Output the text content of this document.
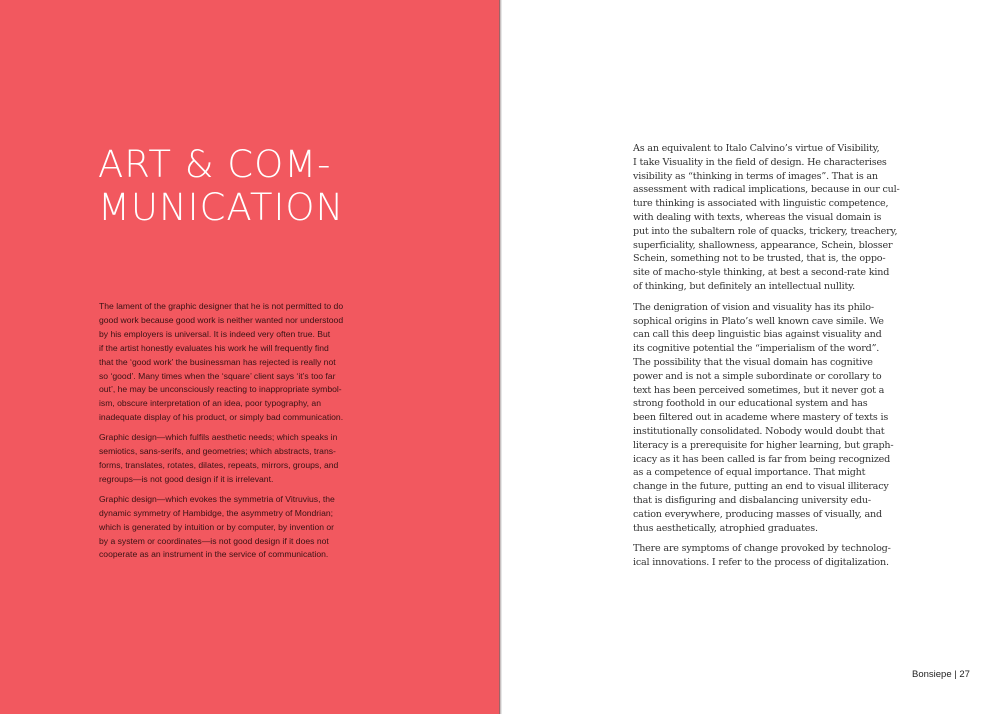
ART & COM-
MUNICATION
The lament of the graphic designer that he is not permitted to do
good work because good work is neither wanted nor understood
by his employers is universal. It is indeed very often true. But
if the artist honestly evaluates his work he will frequently find
that the ‘good work’ the businessman has rejected is really not
so ‘good’. Many times when the ‘square’ client says ‘it’s too far
out’, he may be unconsciously reacting to inappropriate symbol-
ism, obscure interpretation of an idea, poor typography, an
inadequate display of his product, or simply bad communication.
Graphic design—which fulfils aesthetic needs; which speaks in
semiotics, sans-serifs, and geometries; which abstracts, trans-
forms, translates, rotates, dilates, repeats, mirrors, groups, and
regroups—is not good design if it is irrelevant.
Graphic design—which evokes the symmetria of Vitruvius, the
dynamic symmetry of Hambidge, the asymmetry of Mondrian;
which is generated by intuition or by computer, by invention or
by a system or coordinates—is not good design if it does not
cooperate as an instrument in the service of communication.
As an equivalent to Italo Calvino’s virtue of Visibility,
I take Visuality in the field of design. He characterises
visibility as “thinking in terms of images”. That is an
assessment with radical implications, because in our cul-
ture thinking is associated with linguistic competence,
with dealing with texts, whereas the visual domain is
put into the subaltern role of quacks, trickery, treachery,
superficiality, shallowness, appearance, Schein, blosser
Schein, something not to be trusted, that is, the oppo-
site of macho-style thinking, at best a second-rate kind
of thinking, but definitely an intellectual nullity.
The denigration of vision and visuality has its philo-
sophical origins in Plato’s well known cave simile. We
can call this deep linguistic bias against visuality and
its cognitive potential the “imperialism of the word”.
The possibility that the visual domain has cognitive
power and is not a simple subordinate or corollary to
text has been perceived sometimes, but it never got a
strong foothold in our educational system and has
been filtered out in academe where mastery of texts is
institutionally consolidated. Nobody would doubt that
literacy is a prerequisite for higher learning, but graph-
icacy as it has been called is far from being recognized
as a competence of equal importance. That might
change in the future, putting an end to visual illiteracy
that is disfiguring and disbalancing university edu-
cation everywhere, producing masses of visually, and
thus aesthetically, atrophied graduates.
There are symptoms of change provoked by technolog-
ical innovations. I refer to the process of digitalization.
Bonsiepe | 27
